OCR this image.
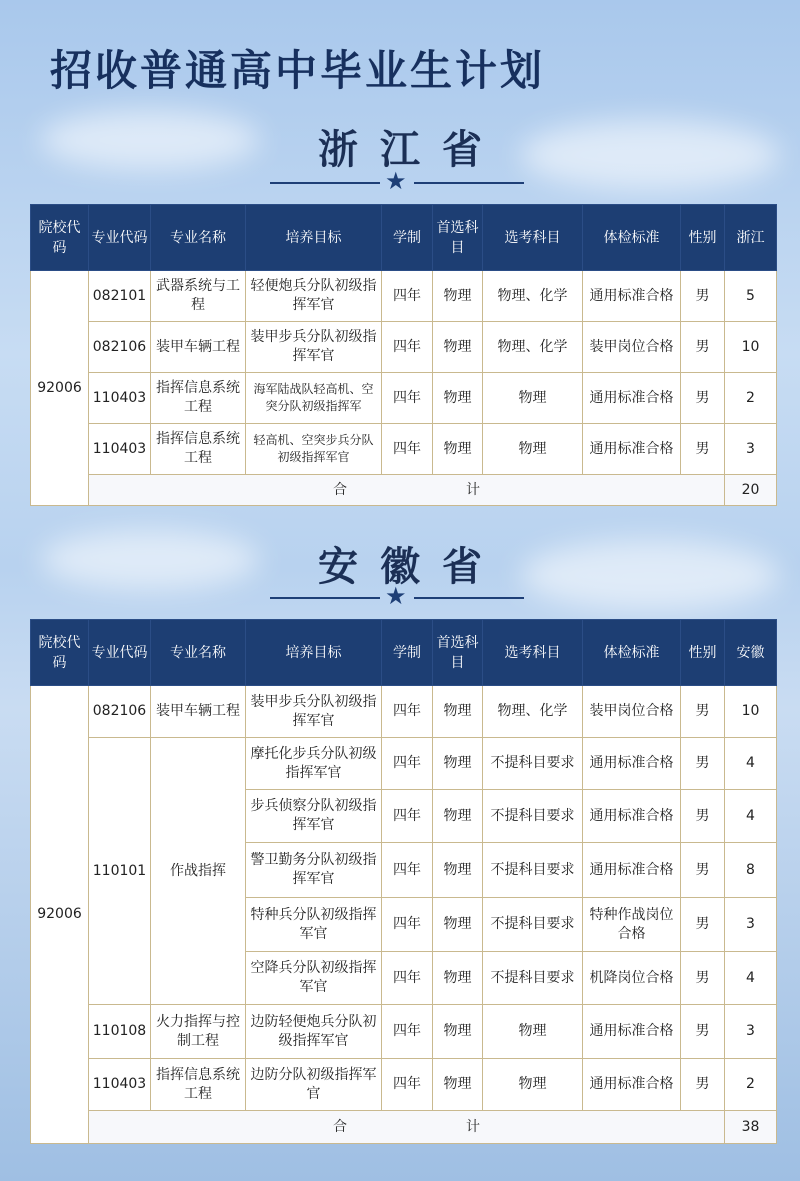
招收普通高中毕业生计划
浙江省
★
院校代码	专业代码	专业名称	培养目标	学制	首选科目	选考科目	体检标准	性别	浙江
92006	082101	武器系统与工程	轻便炮兵分队初级指挥军官	四年	物理	物理、化学	通用标准合格	男	5
	082106	装甲车辆工程	装甲步兵分队初级指挥军官	四年	物理	物理、化学	装甲岗位合格	男	10
	110403	指挥信息系统工程	海军陆战队轻高机、空突分队初级指挥军	四年	物理	物理	通用标准合格	男	2
	110403	指挥信息系统工程	轻高机、空突步兵分队初级指挥军官	四年	物理	物理	通用标准合格	男	3
	合 计								20
安徽省
★
院校代码	专业代码	专业名称	培养目标	学制	首选科目	选考科目	体检标准	性别	安徽
92006	082106	装甲车辆工程	装甲步兵分队初级指挥军官	四年	物理	物理、化学	装甲岗位合格	男	10
	110101	作战指挥	摩托化步兵分队初级指挥军官	四年	物理	不提科目要求	通用标准合格	男	4
			步兵侦察分队初级指挥军官	四年	物理	不提科目要求	通用标准合格	男	4
			警卫勤务分队初级指挥军官	四年	物理	不提科目要求	通用标准合格	男	8
			特种兵分队初级指挥军官	四年	物理	不提科目要求	特种作战岗位合格	男	3
			空降兵分队初级指挥军官	四年	物理	不提科目要求	机降岗位合格	男	4
	110108	火力指挥与控制工程	边防轻便炮兵分队初级指挥军官	四年	物理	物理	通用标准合格	男	3
	110403	指挥信息系统工程	边防分队初级指挥军官	四年	物理	物理	通用标准合格	男	2
	合 计								38
